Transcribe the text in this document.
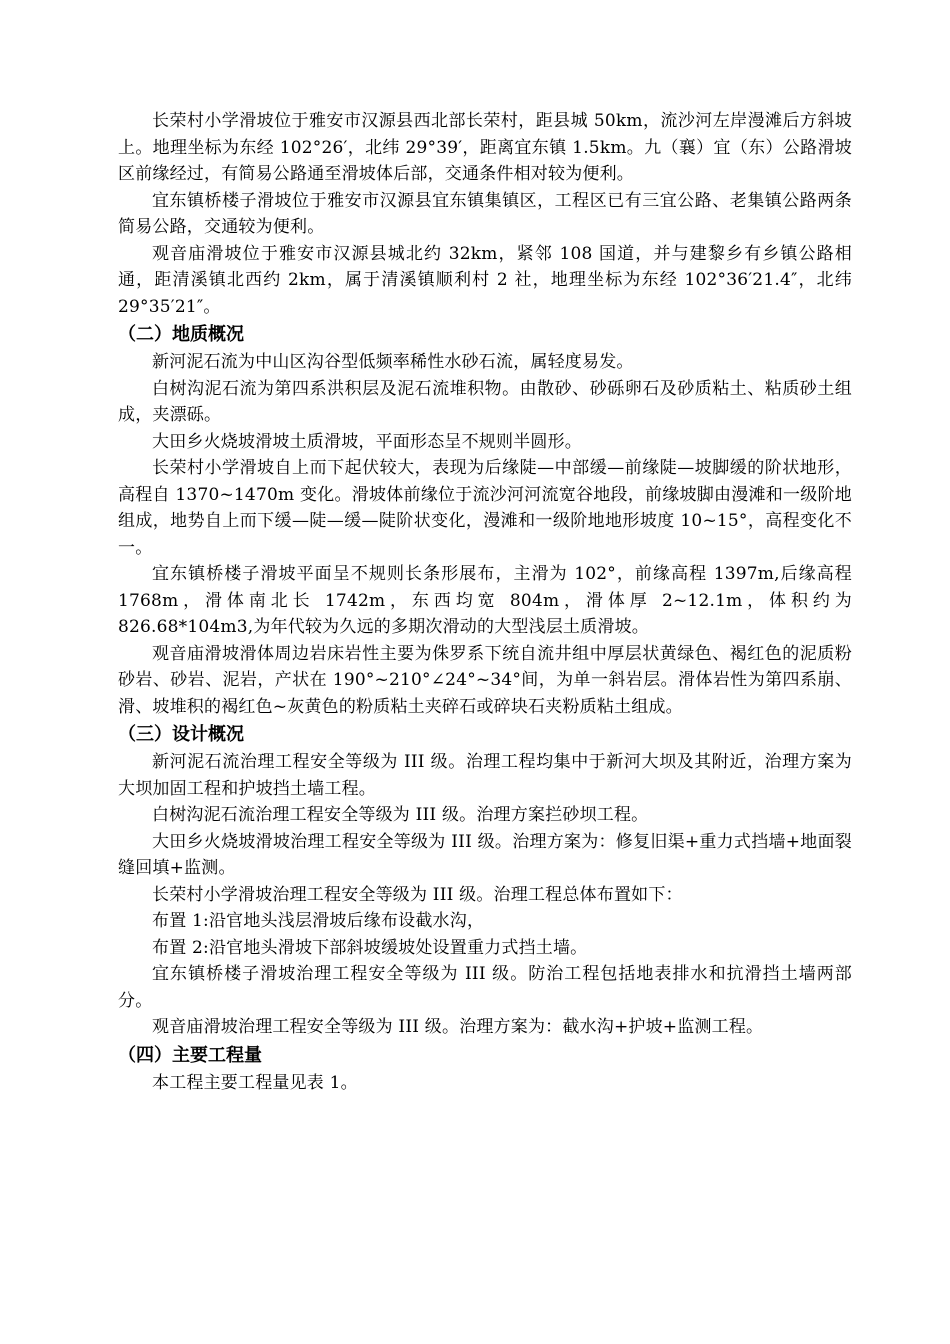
长荣村小学滑坡位于雅安市汉源县西北部长荣村，距县城 50km，流沙河左岸漫滩后方斜坡上。地理坐标为东经 102°26′，北纬 29°39′，距离宜东镇 1.5km。九（襄）宜（东）公路滑坡区前缘经过，有简易公路通至滑坡体后部，交通条件相对较为便利。

宜东镇桥楼子滑坡位于雅安市汉源县宜东镇集镇区，工程区已有三宜公路、老集镇公路两条简易公路，交通较为便利。

观音庙滑坡位于雅安市汉源县城北约 32km，紧邻 108 国道，并与建黎乡有乡镇公路相通，距清溪镇北西约 2km，属于清溪镇顺利村 2 社，地理坐标为东经 102°36′21.4″，北纬 29°35′21″。

（二）地质概况

新河泥石流为中山区沟谷型低频率稀性水砂石流，属轻度易发。

白树沟泥石流为第四系洪积层及泥石流堆积物。由散砂、砂砾卵石及砂质粘土、粘质砂土组成，夹漂砾。

大田乡火烧坡滑坡土质滑坡，平面形态呈不规则半圆形。

长荣村小学滑坡自上而下起伏较大，表现为后缘陡—中部缓—前缘陡—坡脚缓的阶状地形，高程自 1370~1470m 变化。滑坡体前缘位于流沙河河流宽谷地段，前缘坡脚由漫滩和一级阶地组成，地势自上而下缓—陡—缓—陡阶状变化，漫滩和一级阶地地形坡度 10~15°，高程变化不一。

宜东镇桥楼子滑坡平面呈不规则长条形展布，主滑为 102°，前缘高程 1397m,后缘高程 1768m，滑体南北长 1742m，东西均宽 804m，滑体厚 2~12.1m，体积约为 826.68*104m3,为年代较为久远的多期次滑动的大型浅层土质滑坡。

观音庙滑坡滑体周边岩床岩性主要为侏罗系下统自流井组中厚层状黄绿色、褐红色的泥质粉砂岩、砂岩、泥岩，产状在 190°~210°∠24°~34°间，为单一斜岩层。滑体岩性为第四系崩、滑、坡堆积的褐红色~灰黄色的粉质粘土夹碎石或碎块石夹粉质粘土组成。

（三）设计概况

新河泥石流治理工程安全等级为 III 级。治理工程均集中于新河大坝及其附近，治理方案为大坝加固工程和护坡挡土墙工程。

白树沟泥石流治理工程安全等级为 III 级。治理方案拦砂坝工程。

大田乡火烧坡滑坡治理工程安全等级为 III 级。治理方案为：修复旧渠+重力式挡墙+地面裂缝回填+监测。

长荣村小学滑坡治理工程安全等级为 III 级。治理工程总体布置如下：

布置 1:沿官地头浅层滑坡后缘布设截水沟，

布置 2:沿官地头滑坡下部斜坡缓坡处设置重力式挡土墙。

宜东镇桥楼子滑坡治理工程安全等级为 III 级。防治工程包括地表排水和抗滑挡土墙两部分。

观音庙滑坡治理工程安全等级为 III 级。治理方案为：截水沟+护坡+监测工程。

（四）主要工程量

本工程主要工程量见表 1。
